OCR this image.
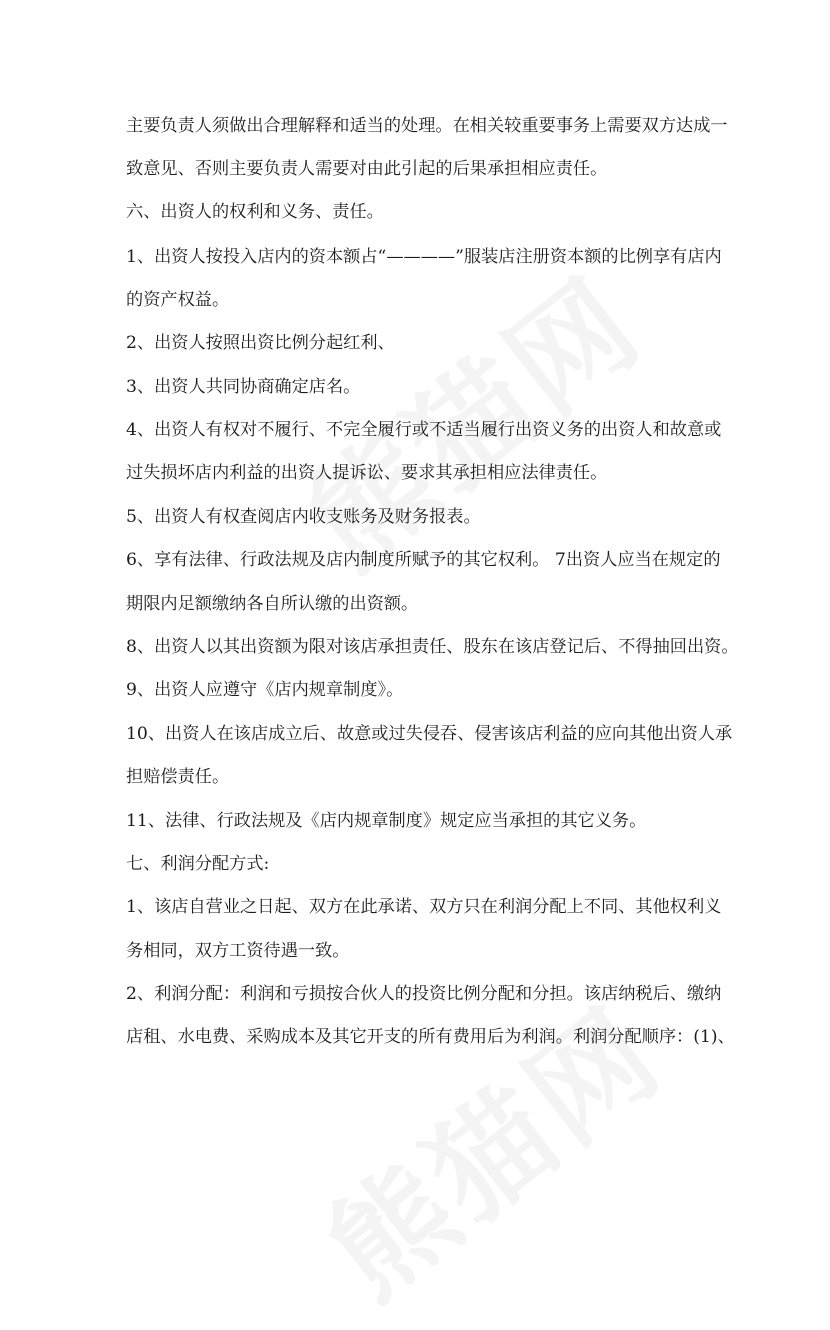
主要负责人须做出合理解释和适当的处理。在相关较重要事务上需要双方达成一
致意见、否则主要负责人需要对由此引起的后果承担相应责任。
六、出资人的权利和义务、责任。
1、出资人按投入店内的资本额占“————”服装店注册资本额的比例享有店内
的资产权益。
2、出资人按照出资比例分起红利、
3、出资人共同协商确定店名。
4、出资人有权对不履行、不完全履行或不适当履行出资义务的出资人和故意或
过失损坏店内利益的出资人提诉讼、要求其承担相应法律责任。
5、出资人有权查阅店内收支账务及财务报表。
6、享有法律、行政法规及店内制度所赋予的其它权利。 7出资人应当在规定的
期限内足额缴纳各自所认缴的出资额。
8、出资人以其出资额为限对该店承担责任、股东在该店登记后、不得抽回出资。
9、出资人应遵守《店内规章制度》。
10、出资人在该店成立后、故意或过失侵吞、侵害该店利益的应向其他出资人承
担赔偿责任。
11、法律、行政法规及《店内规章制度》规定应当承担的其它义务。
七、利润分配方式:
1、该店自营业之日起、双方在此承诺、双方只在利润分配上不同、其他权利义
务相同，双方工资待遇一致。
2、利润分配：利润和亏损按合伙人的投资比例分配和分担。该店纳税后、缴纳
店租、水电费、采购成本及其它开支的所有费用后为利润。利润分配顺序：(1)、
